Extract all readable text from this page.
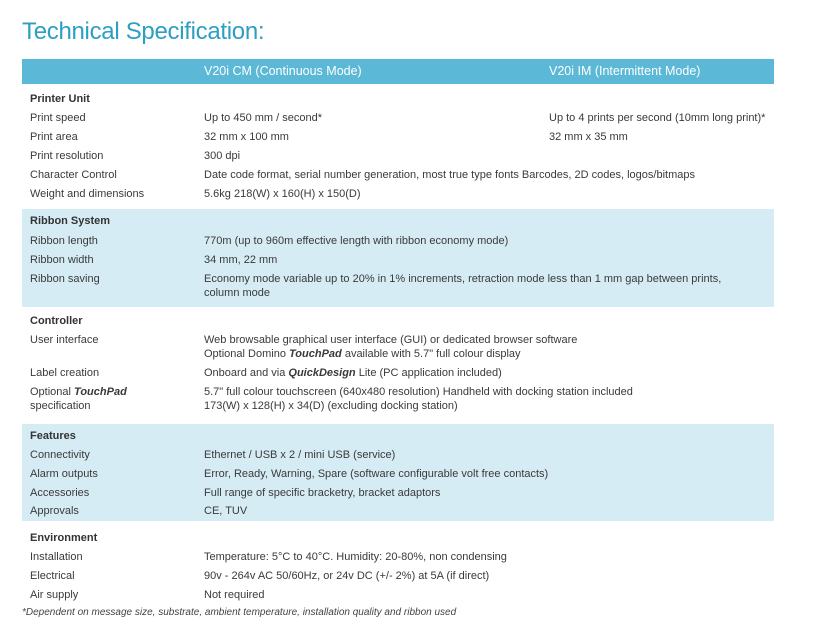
Technical Specification:
V20i CM (Continuous Mode)	V20i IM (Intermittent Mode)
Printer Unit
Print speed	Up to 450 mm / second*	Up to 4 prints per second (10mm long print)*
Print area	32 mm x 100 mm	32 mm x 35 mm
Print resolution	300 dpi
Character Control	Date code format, serial number generation, most true type fonts Barcodes, 2D codes, logos/bitmaps
Weight and dimensions	5.6kg 218(W) x 160(H) x 150(D)
Ribbon System
Ribbon length	770m (up to 960m effective length with ribbon economy mode)
Ribbon width	34 mm, 22 mm
Ribbon saving	Economy mode variable up to 20% in 1% increments, retraction mode less than 1 mm gap between prints,
column mode
Controller
User interface	Web browsable graphical user interface (GUI) or dedicated browser software
Optional Domino TouchPad available with 5.7" full colour display
Label creation	Onboard and via QuickDesign Lite (PC application included)
Optional TouchPad	5.7" full colour touchscreen (640x480 resolution) Handheld with docking station included
specification	173(W) x 128(H) x 34(D) (excluding docking station)
Features
Connectivity	Ethernet / USB x 2 / mini USB (service)
Alarm outputs	Error, Ready, Warning, Spare (software configurable volt free contacts)
Accessories	Full range of specific bracketry, bracket adaptors
Approvals	CE, TUV
Environment
Installation	Temperature: 5°C to 40°C. Humidity: 20-80%, non condensing
Electrical	90v - 264v AC 50/60Hz, or 24v DC (+/- 2%) at 5A (if direct)
Air supply	Not required
*Dependent on message size, substrate, ambient temperature, installation quality and ribbon used
